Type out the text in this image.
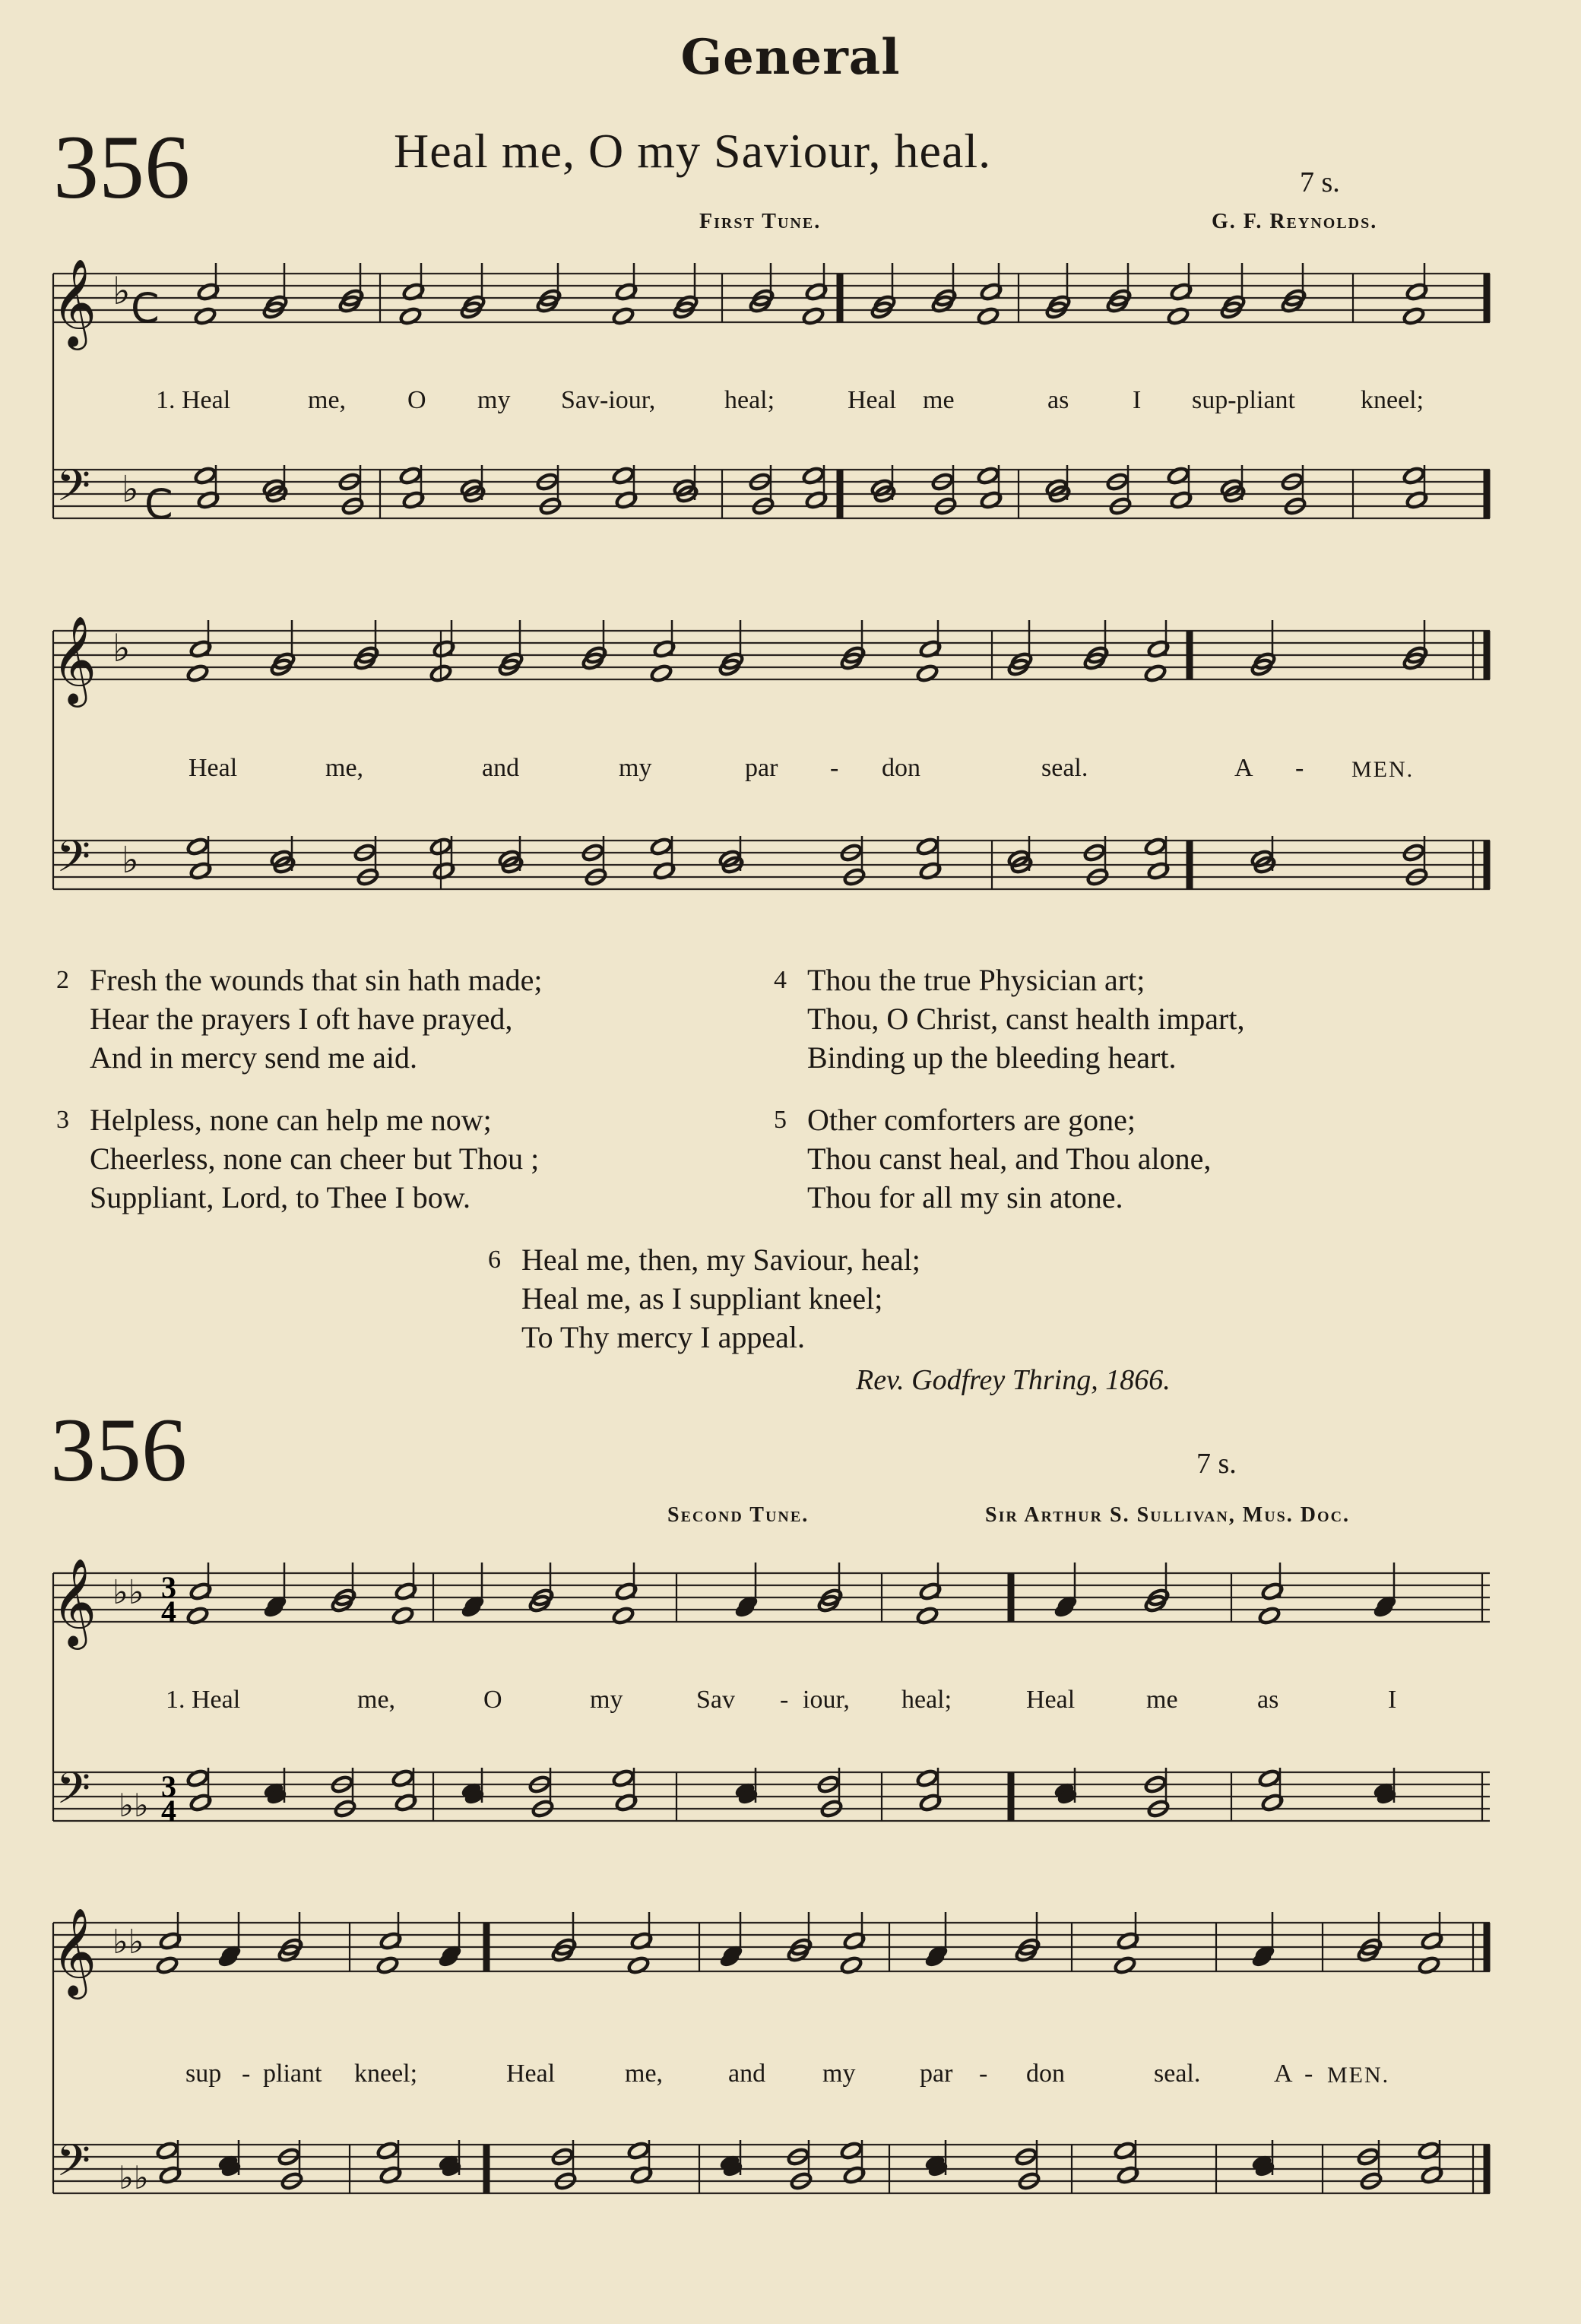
General
356	Heal me, O my Saviour, heal.
7 s.
First Tune.	G. F. Reynolds.
𝄞
𝄢
♭
♭
C
C
1. Heal	me, O my Sav-iour,	heal;	Heal me	as I sup-pliant	kneel;
𝄞
𝄢
♭
♭
Heal	me,	and	my	par - don	seal.	A - MEN.
2 Fresh the wounds that sin hath made;
Hear the prayers I oft have prayed,
And in mercy send me aid.
3 Helpless, none can help me now;
Cheerless, none can cheer but Thou ;
Suppliant, Lord, to Thee I bow.
4 Thou the true Physician art;
Thou, O Christ, canst health impart,
Binding up the bleeding heart.
5 Other comforters are gone;
Thou canst heal, and Thou alone,
Thou for all my sin atone.
6 Heal me, then, my Saviour, heal;
Heal me, as I suppliant kneel;
To Thy mercy I appeal.
Rev. Godfrey Thring, 1866.
356	7 s.
Second Tune.	Sir Arthur S. Sullivan, Mus. Doc.
𝄞
𝄢
♭♭
♭♭
3
4
3
4
1. Heal	me,	O	my	Sav - iour, heal;	Heal	me	as	I
𝄞
𝄢
♭♭
♭♭
sup - pliant kneel;	Heal	me,	and my par - don	seal.	A - MEN.
